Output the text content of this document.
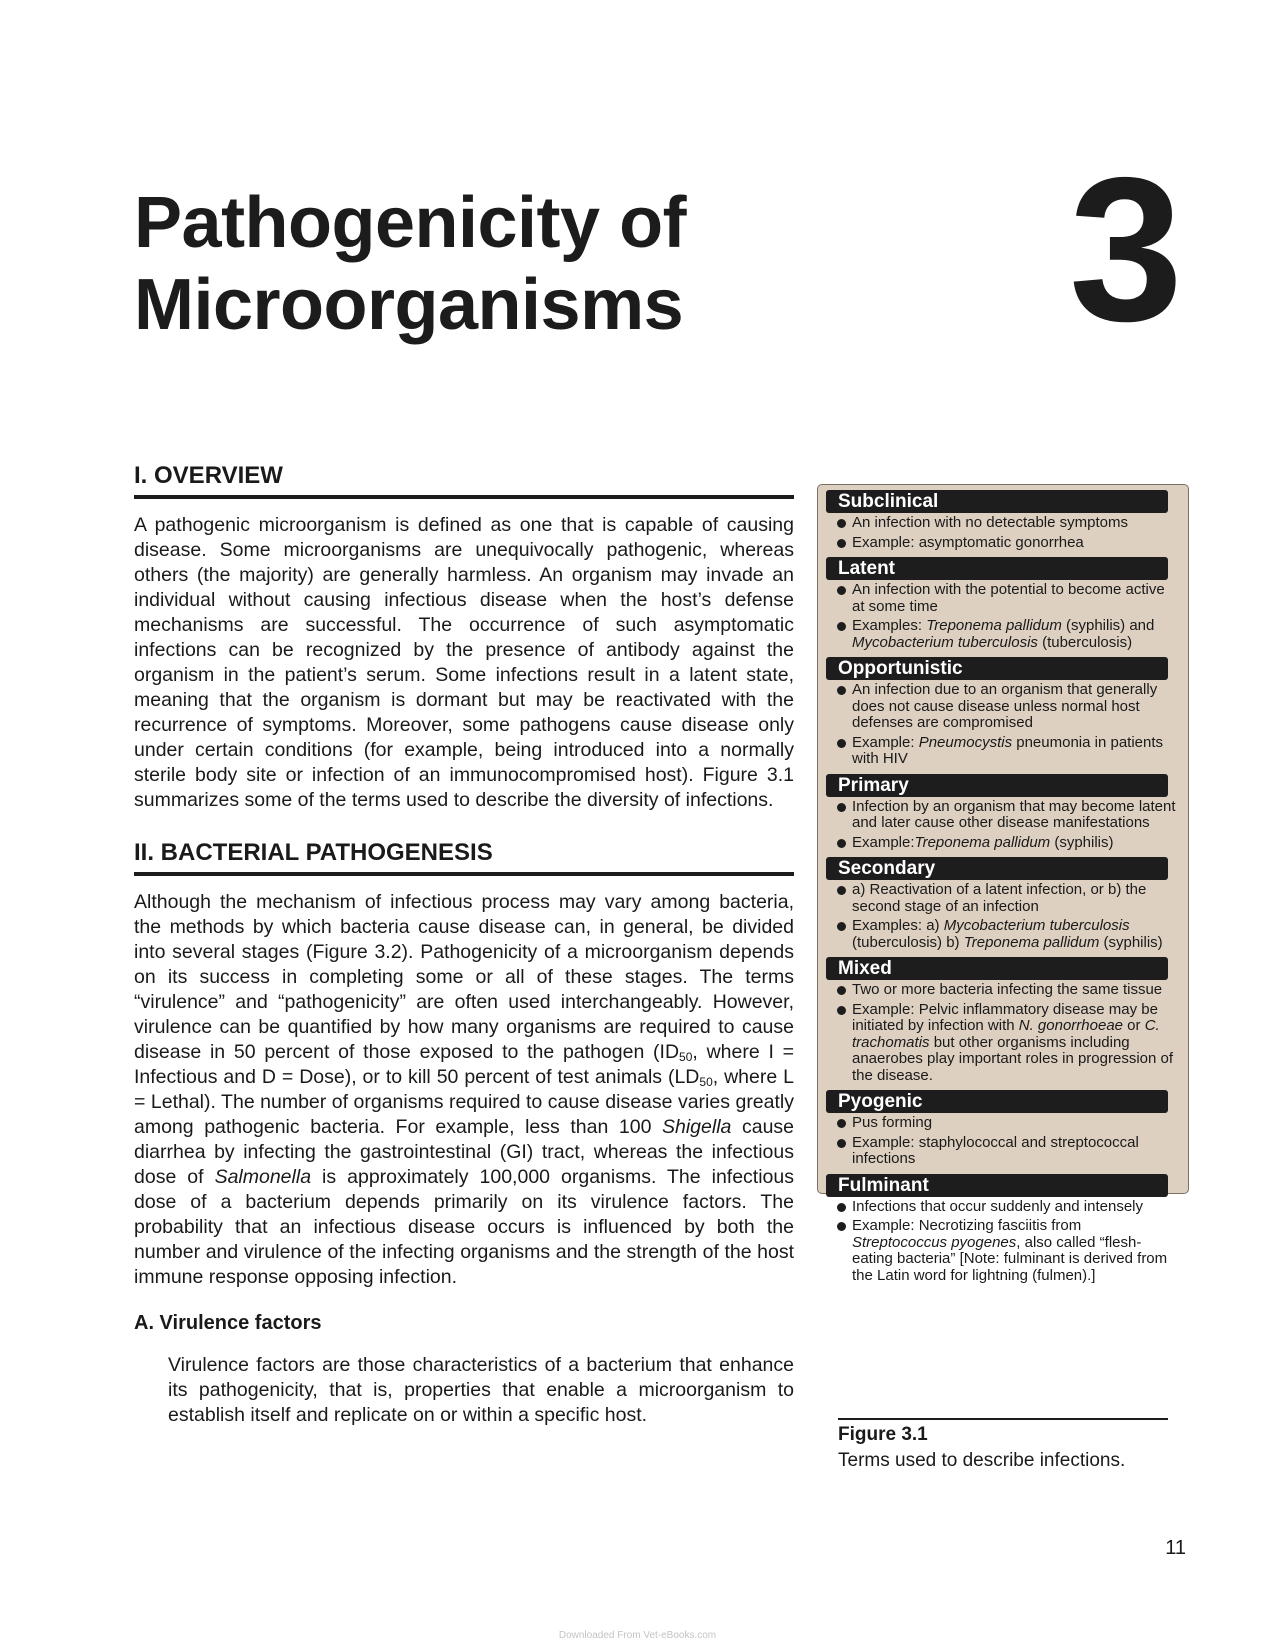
Pathogenicity of
Microorganisms 3
I. OVERVIEW

A pathogenic microorganism is defined as one that is capable of causing disease. Some microorganisms are unequivocally pathogenic, whereas others (the majority) are generally harmless. An organism may invade an individual without causing infectious disease when the host’s defense mechanisms are successful. The occurrence of such asymptomatic infections can be recognized by the presence of antibody against the organism in the patient’s serum. Some infections result in a latent state, meaning that the organism is dormant but may be reactivated with the recurrence of symptoms. Moreover, some pathogens cause disease only under certain conditions (for example, being introduced into a normally sterile body site or infection of an immunocompromised host). Figure 3.1 summarizes some of the terms used to describe the diversity of infections.

II. BACTERIAL PATHOGENESIS

Although the mechanism of infectious process may vary among bacteria, the methods by which bacteria cause disease can, in general, be divided into several stages (Figure 3.2). Pathogenicity of a microorganism depends on its success in completing some or all of these stages. The terms “virulence” and “pathogenicity” are often used interchangeably. However, virulence can be quantified by how many organisms are required to cause disease in 50 percent of those exposed to the pathogen ($ID_{50}$, where I = Infectious and D = Dose), or to kill 50 percent of test animals ($LD_{50}$, where L = Lethal). The number of organisms required to cause disease varies greatly among pathogenic bacteria. For example, less than 100 Shigella cause diarrhea by infecting the gastrointestinal (GI) tract, whereas the infectious dose of Salmonella is approximately 100,000 organisms. The infectious dose of a bacterium depends primarily on its virulence factors. The probability that an infectious disease occurs is influenced by both the number and virulence of the infecting organisms and the strength of the host immune response opposing infection.

A. Virulence factors

Virulence factors are those characteristics of a bacterium that enhance its pathogenicity, that is, properties that enable a microorganism to establish itself and replicate on or within a specific host.

Subclinical
An infection with no detectable symptoms
Example: asymptomatic gonorrhea
Latent
An infection with the potential to become active at some time
Examples: Treponema pallidum (syphilis) and Mycobacterium tuberculosis (tuberculosis)
Opportunistic
An infection due to an organism that generally does not cause disease unless normal host defenses are compromised
Example: Pneumocystis pneumonia in patients with HIV
Primary
Infection by an organism that may become latent and later cause other disease manifestations
Example:Treponema pallidum (syphilis)
Secondary
a) Reactivation of a latent infection, or b) the second stage of an infection
Examples: a) Mycobacterium tuberculosis (tuberculosis) b) Treponema pallidum (syphilis)
Mixed
Two or more bacteria infecting the same tissue
Example: Pelvic inflammatory disease may be initiated by infection with N. gonorrhoeae or C. trachomatis but other organisms including anaerobes play important roles in progression of the disease.
Pyogenic
Pus forming
Example: staphylococcal and streptococcal infections
Fulminant
Infections that occur suddenly and intensely
Example: Necrotizing fasciitis from Streptococcus pyogenes, also called “flesh-eating bacteria” [Note: fulminant is derived from the Latin word for lightning (fulmen).]
Figure 3.1
Terms used to describe infections.
11
Downloaded From Vet-eBooks.com
